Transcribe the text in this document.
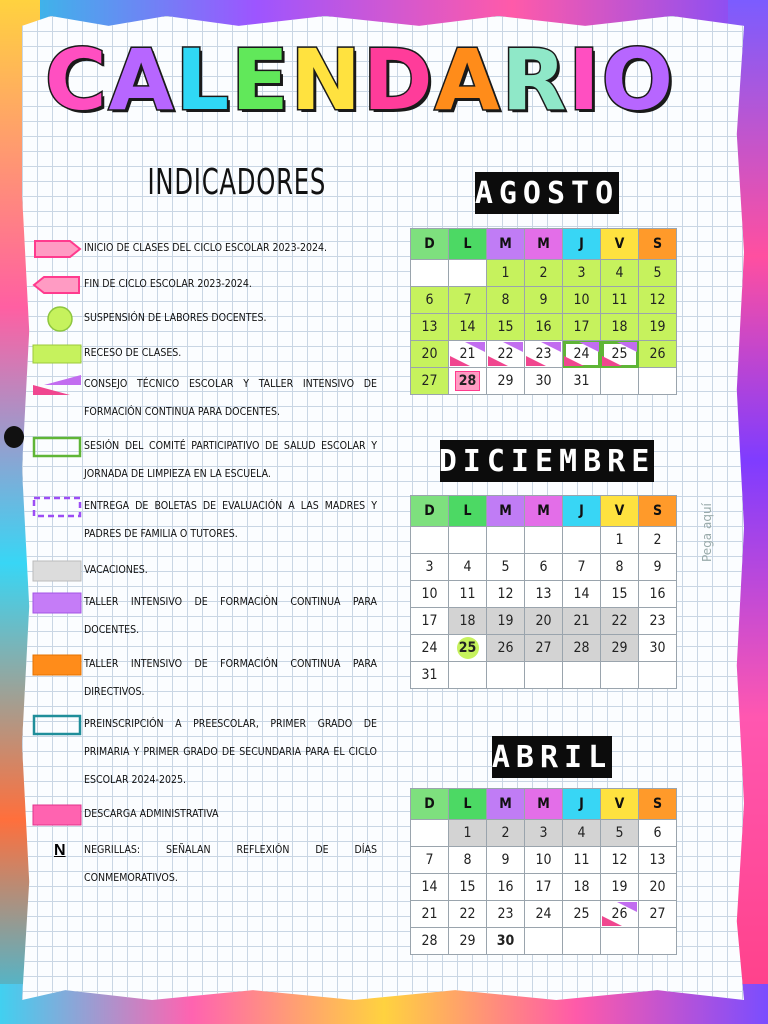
C A L E N D A R I O
INDICADORES
INICIO DE CLASES DEL CICLO ESCOLAR 2023-2024.
FIN DE CICLO ESCOLAR 2023-2024.
SUSPENSIÓN DE LABORES DOCENTES.
RECESO DE CLASES.
CONSEJO TÉCNICO ESCOLAR Y TALLER INTENSIVO DE FORMACIÓN CONTINUA PARA DOCENTES.
SESIÓN DEL COMITÉ PARTICIPATIVO DE SALUD ESCOLAR Y JORNADA DE LIMPIEZA EN LA ESCUELA.
ENTREGA DE BOLETAS DE EVALUACIÓN A LAS MADRES Y PADRES DE FAMILIA O TUTORES.
VACACIONES.
TALLER INTENSIVO DE FORMACIÒN CONTINUA PARA DOCENTES.
TALLER INTENSIVO DE FORMACIÓN CONTINUA PARA DIRECTIVOS.
PREINSCRIPCIÓN A PREESCOLAR, PRIMER GRADO DE PRIMARIA Y PRIMER GRADO DE SECUNDARIA PARA EL CICLO ESCOLAR 2024-2025.
DESCARGA ADMINISTRATIVA
N NEGRILLAS: SEÑALAN REFLEXIÓN DE DÍAS CONMEMORATIVOS.
AGOSTO
D	L	M	M	J	V	S
		1	2	3	4	5
6	7	8	9	10	11	12
13	14	15	16	17	18	19
20	21	22	23	24	25	26
27	28	29	30	31		
DICIEMBRE
D	L	M	M	J	V	S
					1	2
3	4	5	6	7	8	9
10	11	12	13	14	15	16
17	18	19	20	21	22	23
24	25	26	27	28	29	30
31						
ABRIL
D	L	M	M	J	V	S
	1	2	3	4	5	6
7	8	9	10	11	12	13
14	15	16	17	18	19	20
21	22	23	24	25	26	27
28	29	30				
Pega aquí
